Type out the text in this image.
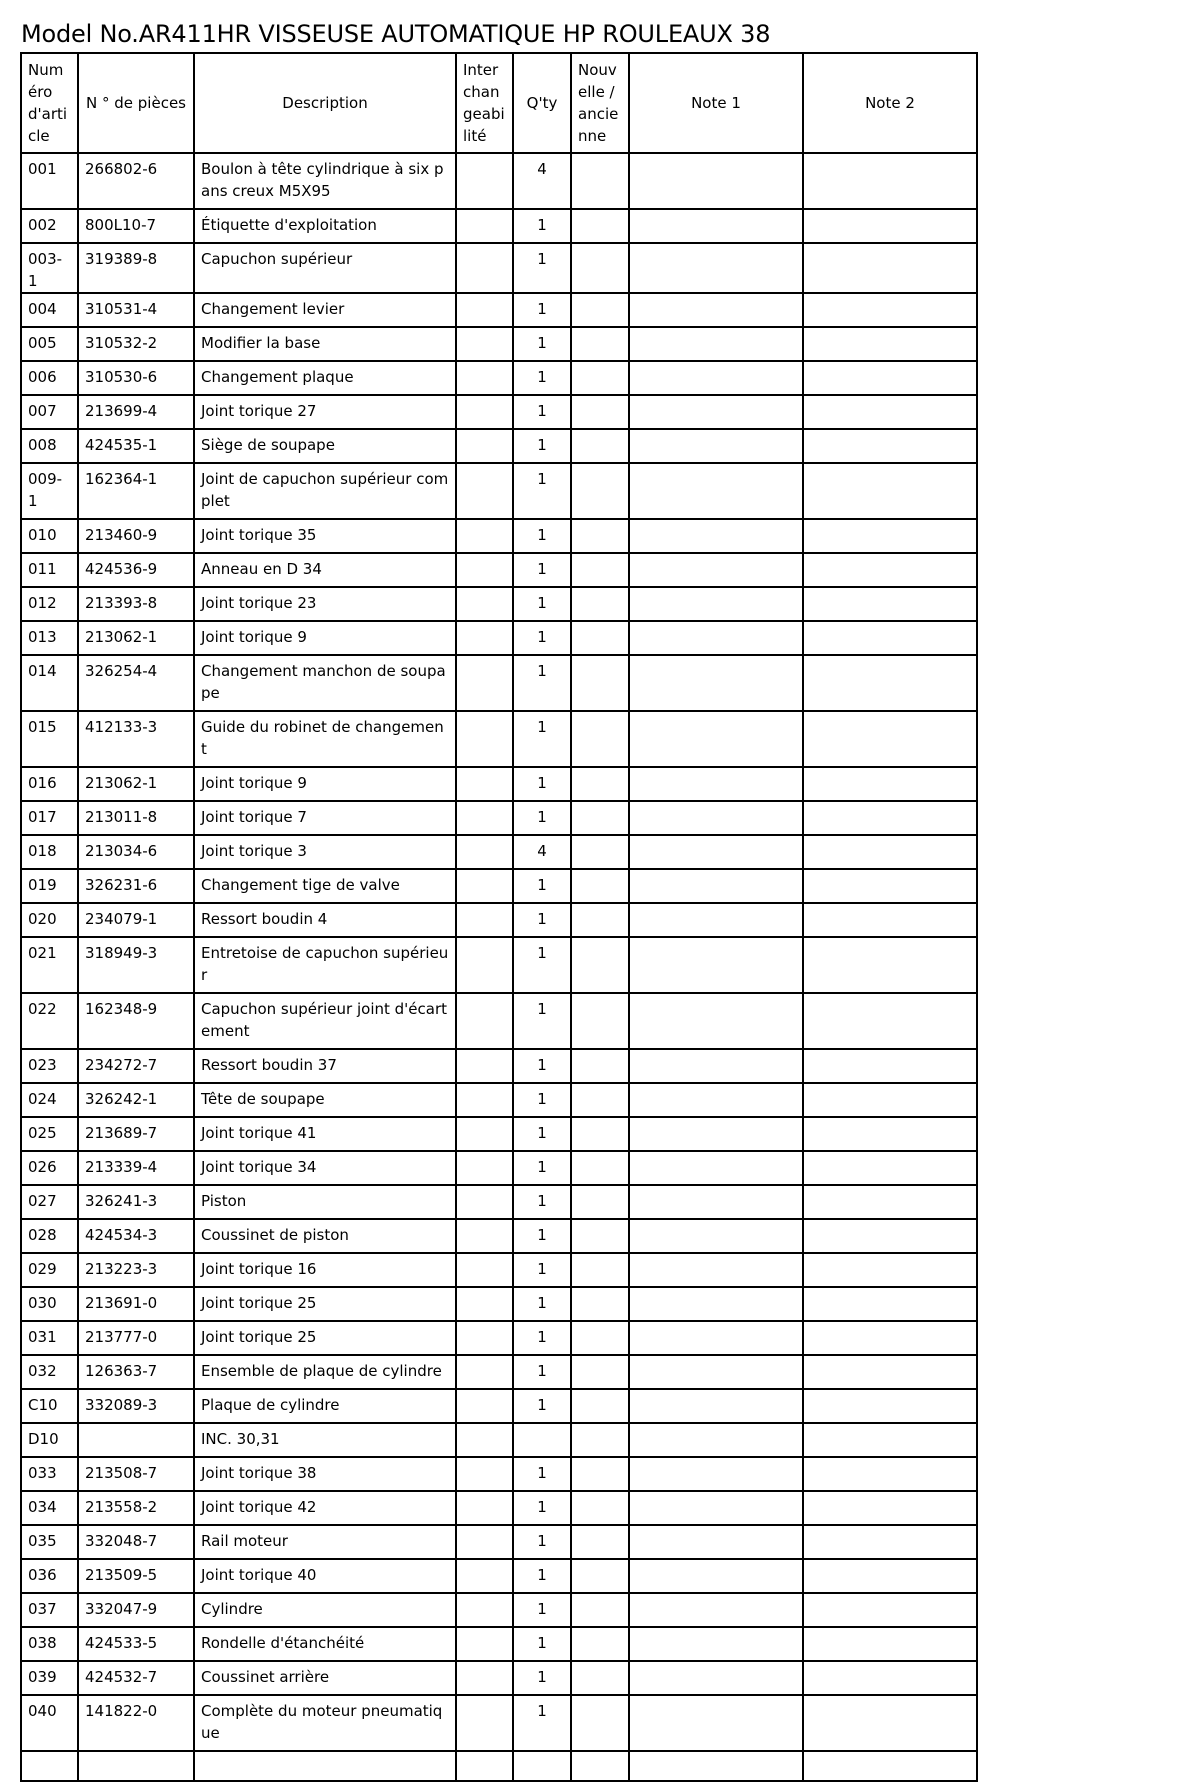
Model No.AR411HR VISSEUSE AUTOMATIQUE HP ROULEAUX 38
Numéro d'article	N ° de pièces	Description	Interchangeabilité	Q'ty	Nouvelle / ancienne	Note 1	Note 2
001	266802-6	Boulon à tête cylindrique à six pans creux M5X95		4			
002	800L10-7	Étiquette d'exploitation		1			
003-1	319389-8	Capuchon supérieur		1			
004	310531-4	Changement levier		1			
005	310532-2	Modifier la base		1			
006	310530-6	Changement plaque		1			
007	213699-4	Joint torique 27		1			
008	424535-1	Siège de soupape		1			
009-1	162364-1	Joint de capuchon supérieur complet		1			
010	213460-9	Joint torique 35		1			
011	424536-9	Anneau en D 34		1			
012	213393-8	Joint torique 23		1			
013	213062-1	Joint torique 9		1			
014	326254-4	Changement manchon de soupape		1			
015	412133-3	Guide du robinet de changement		1			
016	213062-1	Joint torique 9		1			
017	213011-8	Joint torique 7		1			
018	213034-6	Joint torique 3		4			
019	326231-6	Changement tige de valve		1			
020	234079-1	Ressort boudin 4		1			
021	318949-3	Entretoise de capuchon supérieur		1			
022	162348-9	Capuchon supérieur joint d'écartement		1			
023	234272-7	Ressort boudin 37		1			
024	326242-1	Tête de soupape		1			
025	213689-7	Joint torique 41		1			
026	213339-4	Joint torique 34		1			
027	326241-3	Piston		1			
028	424534-3	Coussinet de piston		1			
029	213223-3	Joint torique 16		1			
030	213691-0	Joint torique 25		1			
031	213777-0	Joint torique 25		1			
032	126363-7	Ensemble de plaque de cylindre		1			
C10	332089-3	Plaque de cylindre		1			
D10		INC. 30,31					
033	213508-7	Joint torique 38		1			
034	213558-2	Joint torique 42		1			
035	332048-7	Rail moteur		1			
036	213509-5	Joint torique 40		1			
037	332047-9	Cylindre		1			
038	424533-5	Rondelle d'étanchéité		1			
039	424532-7	Coussinet arrière		1			
040	141822-0	Complète du moteur pneumatique		1			
